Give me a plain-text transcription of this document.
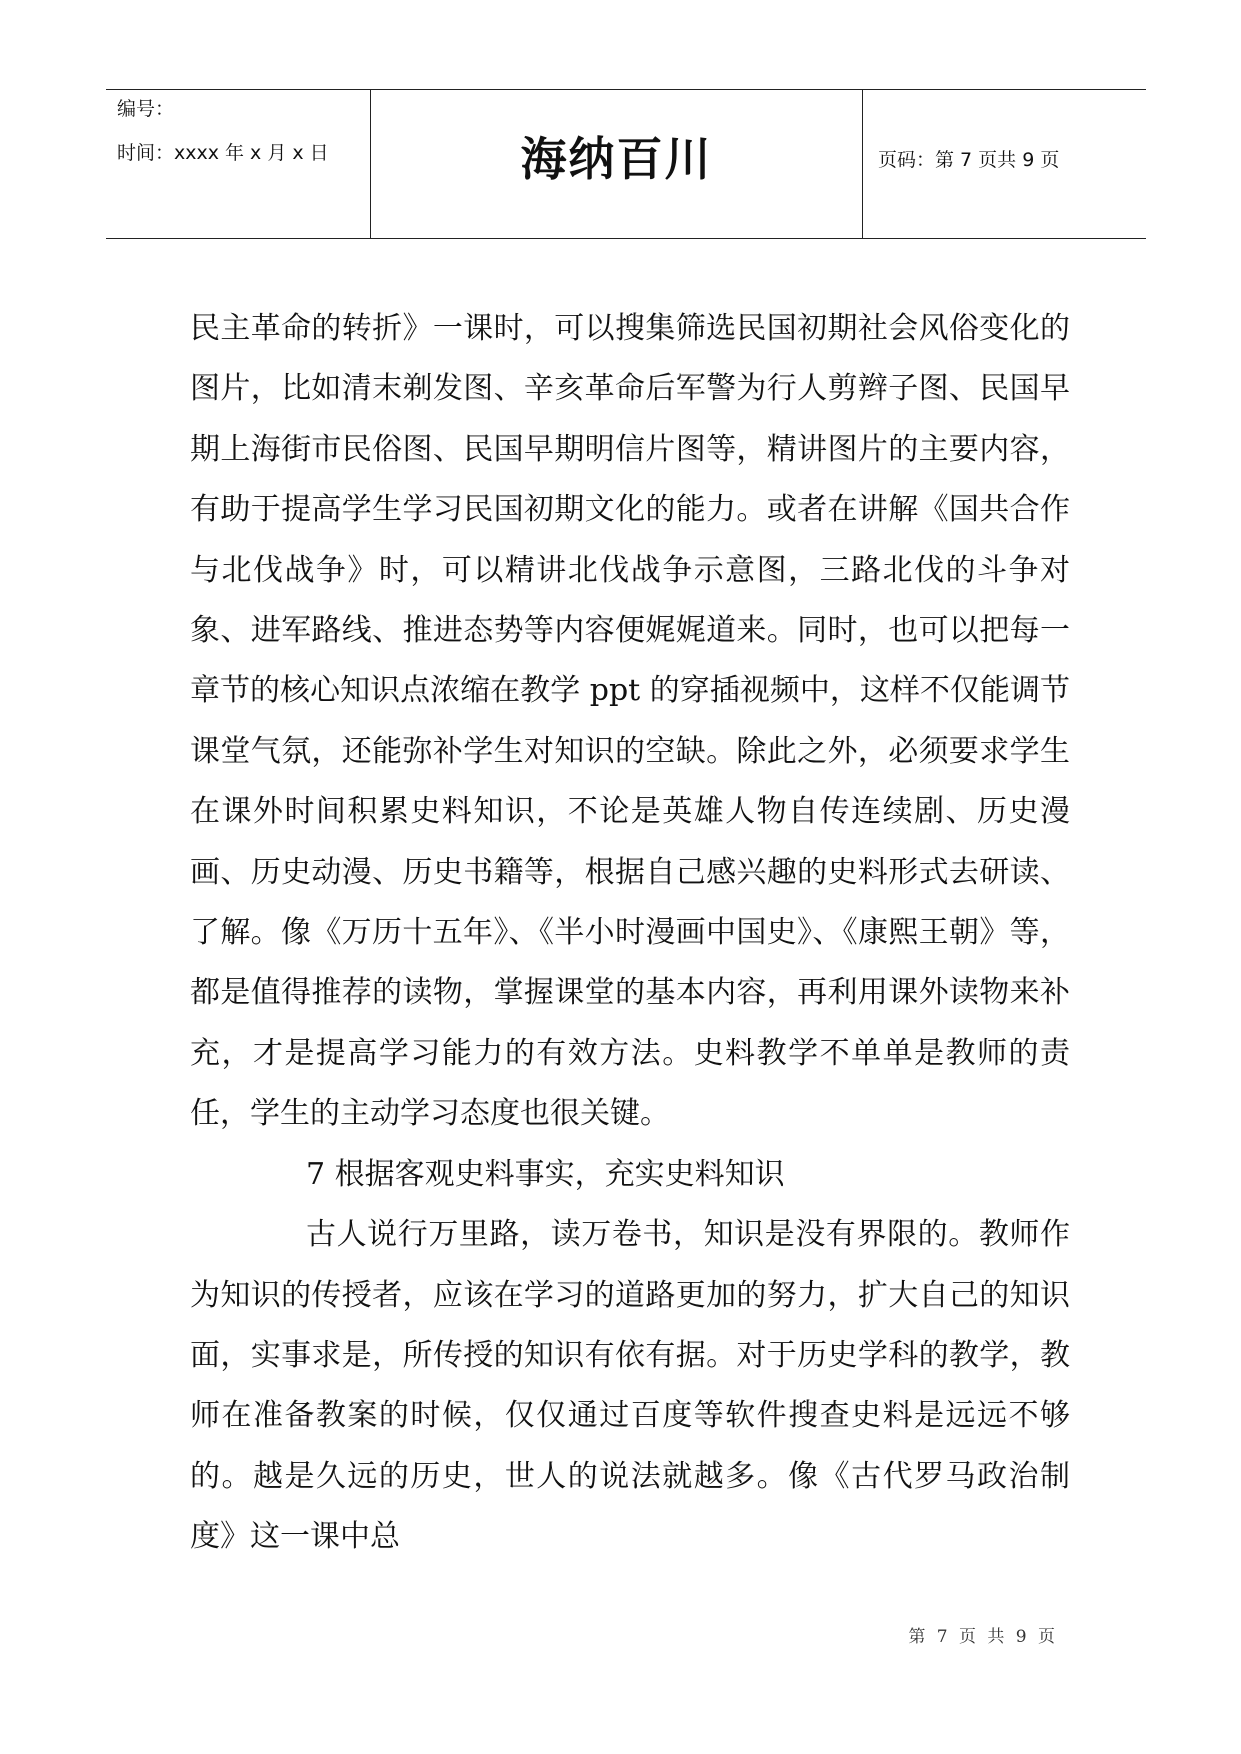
编号：
时间：xxxx 年 x 月 x 日	海纳百川	页码：第 7 页共 9 页

民主革命的转折》一课时，可以搜集筛选民国初期社会风俗变化的图片，比如清末剃发图、辛亥革命后军警为行人剪辫子图、民国早期上海街市民俗图、民国早期明信片图等，精讲图片的主要内容，有助于提高学生学习民国初期文化的能力。或者在讲解《国共合作与北伐战争》时，可以精讲北伐战争示意图，三路北伐的斗争对象、进军路线、推进态势等内容便娓娓道来。同时，也可以把每一章节的核心知识点浓缩在教学 ppt 的穿插视频中，这样不仅能调节课堂气氛，还能弥补学生对知识的空缺。除此之外，必须要求学生在课外时间积累史料知识，不论是英雄人物自传连续剧、历史漫画、历史动漫、历史书籍等，根据自己感兴趣的史料形式去研读、了解。像《万历十五年》、《半小时漫画中国史》、《康熙王朝》等，都是值得推荐的读物，掌握课堂的基本内容，再利用课外读物来补充，才是提高学习能力的有效方法。史料教学不单单是教师的责任，学生的主动学习态度也很关键。

7 根据客观史料事实，充实史料知识

古人说行万里路，读万卷书，知识是没有界限的。教师作为知识的传授者，应该在学习的道路更加的努力，扩大自己的知识面，实事求是，所传授的知识有依有据。对于历史学科的教学，教师在准备教案的时候，仅仅通过百度等软件搜查史料是远远不够的。越是久远的历史，世人的说法就越多。像《古代罗马政治制度》这一课中总

第 7 页 共 9 页
